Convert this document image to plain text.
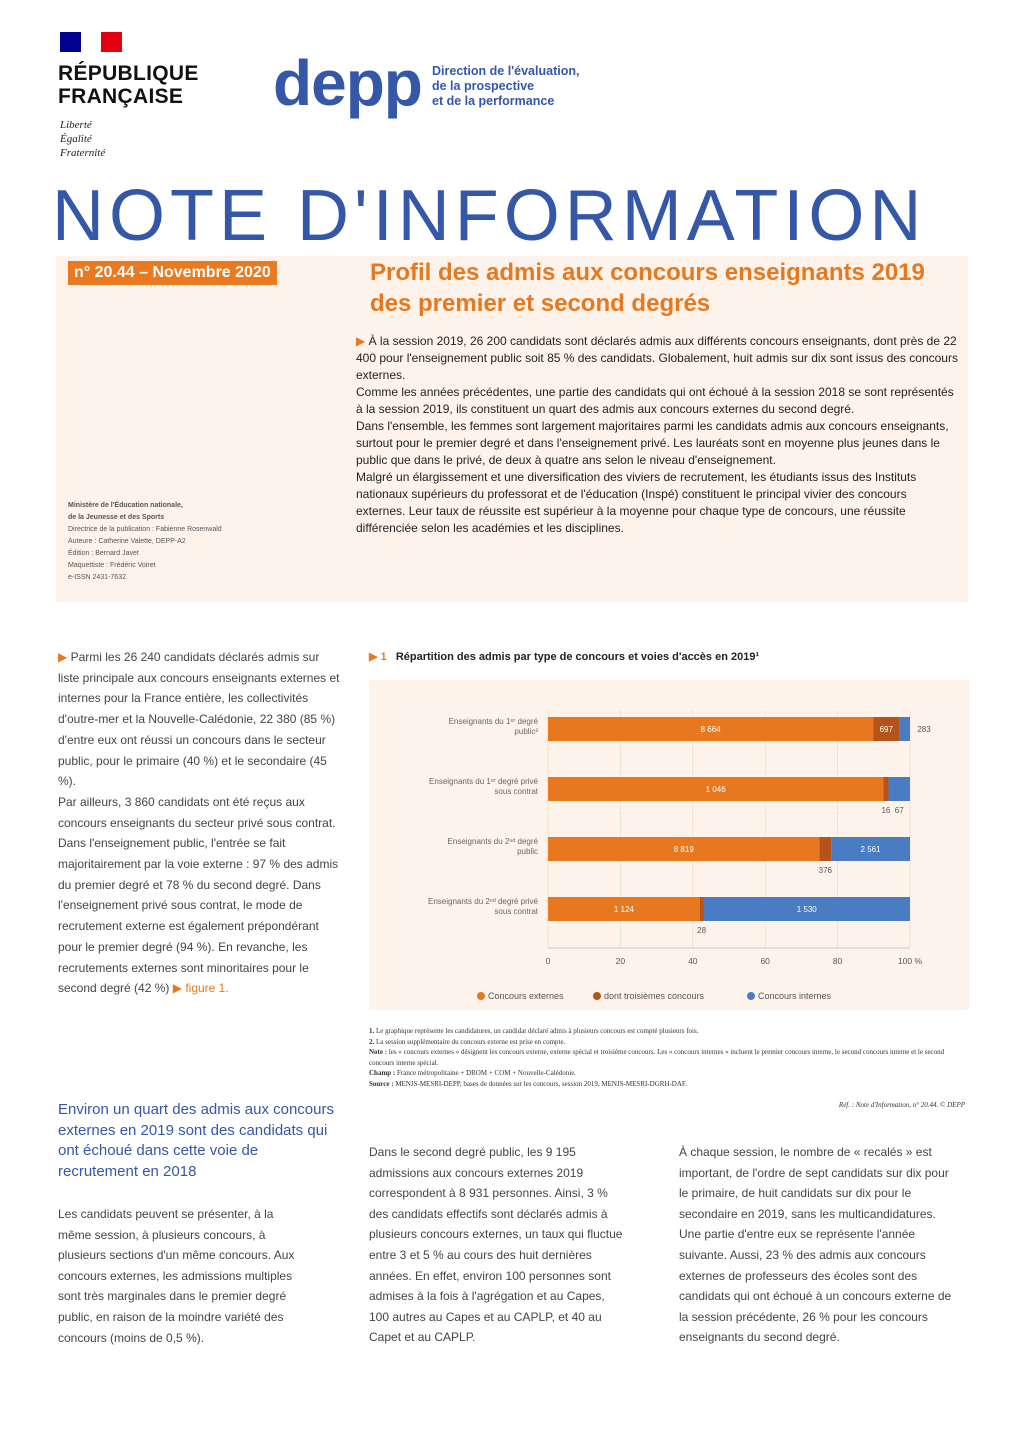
RÉPUBLIQUE
FRANÇAISE
Liberté
Égalité
Fraternité
depp Direction de l'évaluation,
de la prospective
et de la performance
NOTE D'INFORMATION
n° 20.44 – Novembre 2020	Profil des admis aux concours enseignants 2019 des premier et second degrés
▶ À la session 2019, 26 200 candidats sont déclarés admis aux différents concours enseignants, dont près de 22 400 pour l'enseignement public soit 85 % des candidats. Globalement, huit admis sur dix sont issus des concours externes.
Comme les années précédentes, une partie des candidats qui ont échoué à la session 2018 se sont représentés à la session 2019, ils constituent un quart des admis aux concours externes du second degré.
Dans l'ensemble, les femmes sont largement majoritaires parmi les candidats admis aux concours enseignants, surtout pour le premier degré et dans l'enseignement privé. Les lauréats sont en moyenne plus jeunes dans le public que dans le privé, de deux à quatre ans selon le niveau d'enseignement.
Malgré un élargissement et une diversification des viviers de recrutement, les étudiants issus des Instituts nationaux supérieurs du professorat et de l'éducation (Inspé) constituent le principal vivier des concours externes. Leur taux de réussite est supérieur à la moyenne pour chaque type de concours, une réussite différenciée selon les académies et les disciplines.
Ministère de l'Éducation nationale,
de la Jeunesse et des Sports
Directrice de la publication : Fabienne Rosenwald
Auteure : Catherine Valette, DEPP-A2
Édition : Bernard Javet
Maquettiste : Frédéric Voiret
e-ISSN 2431-7632
▶ Parmi les 26 240 candidats déclarés admis sur liste principale aux concours enseignants externes et internes pour la France entière, les collectivités d'outre-mer et la Nouvelle-Calédonie, 22 380 (85 %) d'entre eux ont réussi un concours dans le secteur public, pour le primaire (40 %) et le secondaire (45 %).
Par ailleurs, 3 860 candidats ont été reçus aux concours enseignants du secteur privé sous contrat.
Dans l'enseignement public, l'entrée se fait majoritairement par la voie externe : 97 % des admis du premier degré et 78 % du second degré. Dans l'enseignement privé sous contrat, le mode de recrutement externe est également prépondérant pour le premier degré (94 %). En revanche, les recrutements externes sont minoritaires pour le second degré (42 %) ▶ figure 1.
▶ 1 Répartition des admis par type de concours et voies d'accès en 2019¹
0	20	40	60	80	100 %
Enseignants du 1ᵉʳ degré
public²	8 664	697	283
Enseignants du 1ᵉʳ degré privé
sous contrat	1 046
16 67
Enseignants du 2ⁿᵈ degré
public	8 819
376
2 561
Enseignants du 2ⁿᵈ degré privé
sous contrat	1 124
28
1 530
Concours externes	dont troisièmes concours	Concours internes
1. Le graphique représente les candidatures, un candidat déclaré admis à plusieurs concours est compté plusieurs fois.
2. La session supplémentaire du concours externe est prise en compte.
Note : les « concours externes » désignent les concours externe, externe spécial et troisième concours. Les « concours internes » incluent le premier concours interne, le second concours interne et le second concours interne spécial.
Champ : France métropolitaine + DROM + COM + Nouvelle-Calédonie.
Source : MENJS-MESRI-DEPP, bases de données sur les concours, session 2019, MENJS-MESRI-DGRH-DAF.
Réf. : Note d'Information, n° 20.44. © DEPP
Environ un quart des admis aux concours externes en 2019 sont des candidats qui ont échoué dans cette voie de recrutement en 2018
Les candidats peuvent se présenter, à la même session, à plusieurs concours, à plusieurs sections d'un même concours. Aux concours externes, les admissions multiples sont très marginales dans le premier degré public, en raison de la moindre variété des concours (moins de 0,5 %).
Dans le second degré public, les 9 195 admissions aux concours externes 2019 correspondent à 8 931 personnes. Ainsi, 3 % des candidats effectifs sont déclarés admis à plusieurs concours externes, un taux qui fluctue entre 3 et 5 % au cours des huit dernières années. En effet, environ 100 personnes sont admises à la fois à l'agrégation et au Capes, 100 autres au Capes et au CAPLP, et 40 au Capet et au CAPLP.
À chaque session, le nombre de « recalés » est important, de l'ordre de sept candidats sur dix pour le primaire, de huit candidats sur dix pour le secondaire en 2019, sans les multicandidatures. Une partie d'entre eux se représente l'année suivante. Aussi, 23 % des admis aux concours externes de professeurs des écoles sont des candidats qui ont échoué à un concours externe de la session précédente, 26 % pour les concours enseignants du second degré.
